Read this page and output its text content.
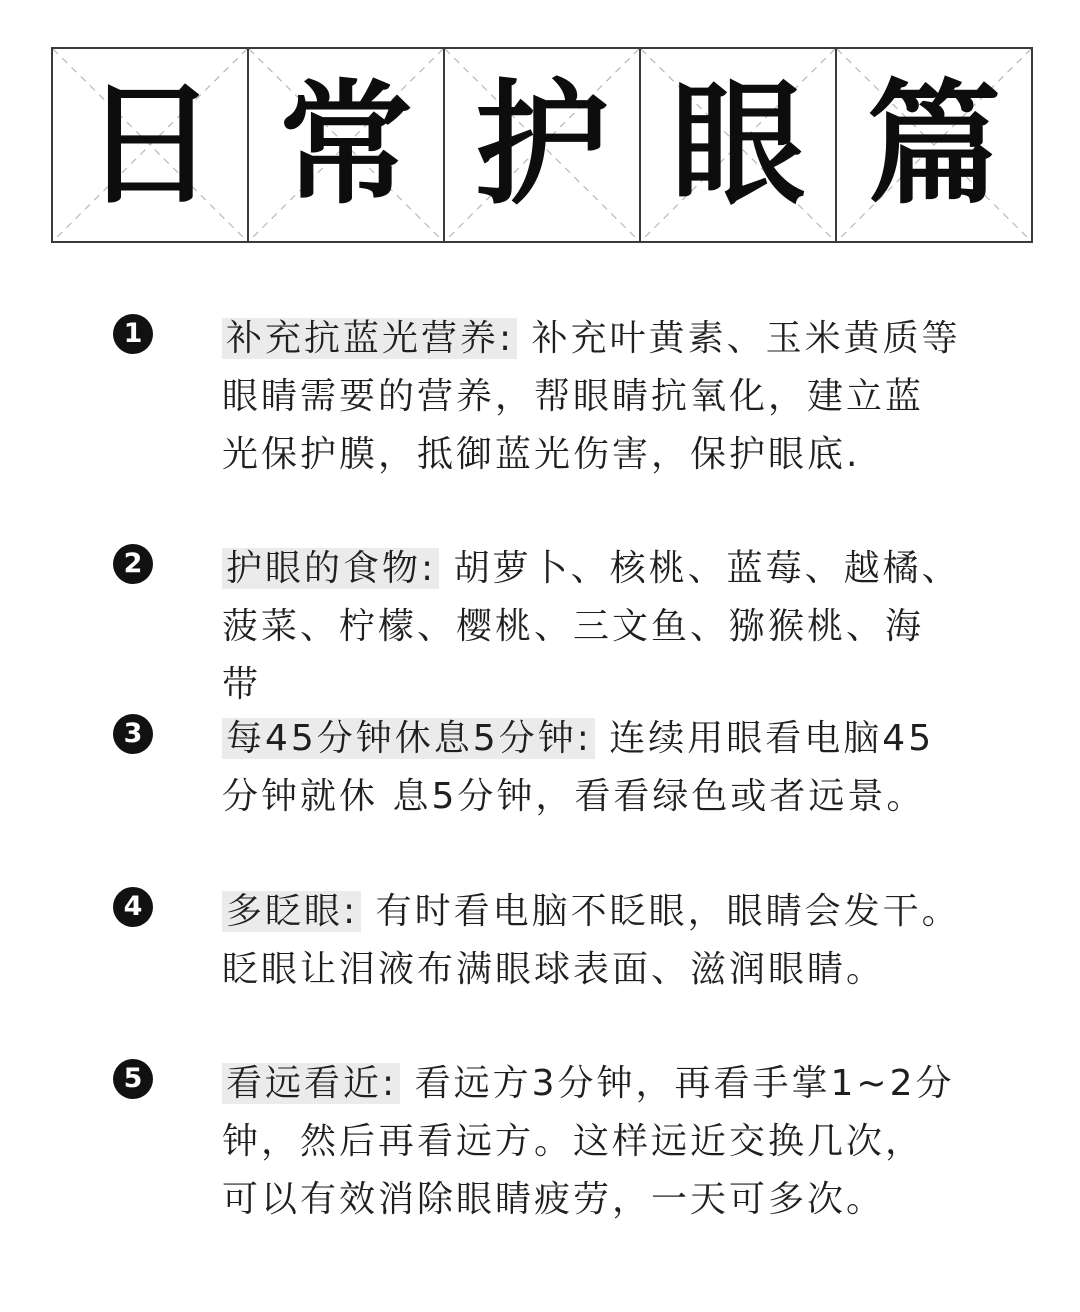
日 常 护 眼 篇
1 补充抗蓝光营养: 补充叶黄素、玉米黄质等眼睛需要的营养，帮眼睛抗氧化，建立蓝光保护膜，抵御蓝光伤害，保护眼底.

2 护眼的食物: 胡萝卜、核桃、蓝莓、越橘、菠菜、柠檬、樱桃、三文鱼、猕猴桃、海带

3 每45分钟休息5分钟: 连续用眼看电脑45分钟就休 息5分钟，看看绿色或者远景。

4 多眨眼: 有时看电脑不眨眼，眼睛会发干。眨眼让泪液布满眼球表面、滋润眼睛。

5 看远看近: 看远方3分钟，再看手掌1~2分钟，然后再看远方。这样远近交换几次，可以有效消除眼睛疲劳，一天可多次。
